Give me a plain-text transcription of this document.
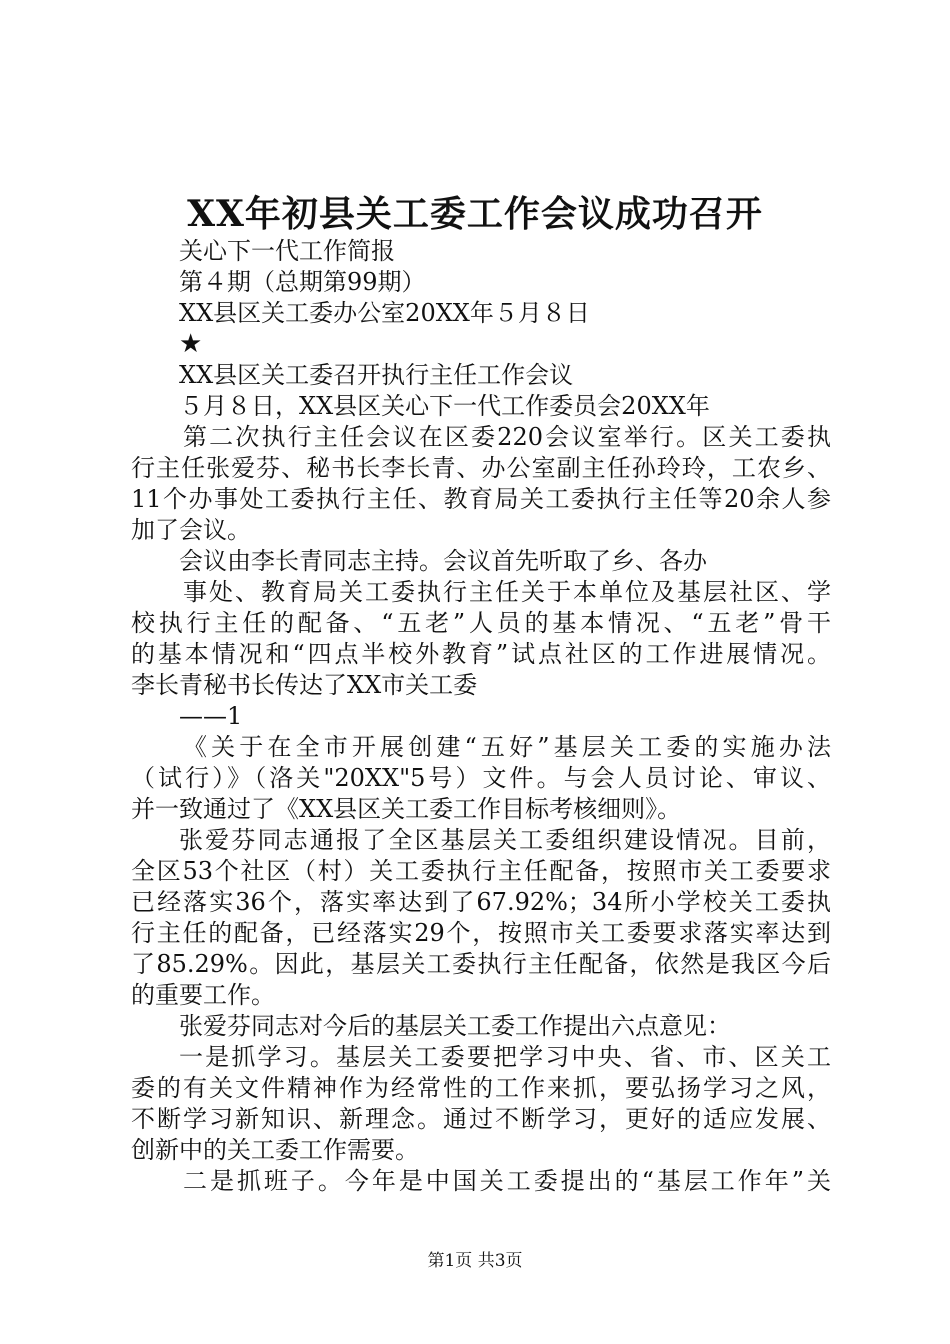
XX年初县关工委工作会议成功召开
关心下一代工作简报
第４期（总期第99期）
XX县区关工委办公室20XX年５月８日
★
XX县区关工委召开执行主任工作会议
５月８日，XX县区关心下一代工作委员会20XX年
第二次执行主任会议在区委220会议室举行。区关工委执
行主任张爱芬、秘书长李长青、办公室副主任孙玲玲，工农乡、
11个办事处工委执行主任、教育局关工委执行主任等20余人参
加了会议。
会议由李长青同志主持。会议首先听取了乡、各办
事处、教育局关工委执行主任关于本单位及基层社区、学
校执行主任的配备、“五老”人员的基本情况、“五老”骨干
的基本情况和“四点半校外教育”试点社区的工作进展情况。
李长青秘书长传达了XX市关工委
——1
《关于在全市开展创建“五好”基层关工委的实施办法
（试行）》（洛关"20XX"5号）文件。与会人员讨论、审议、
并一致通过了《XX县区关工委工作目标考核细则》。
张爱芬同志通报了全区基层关工委组织建设情况。目前，
全区53个社区（村）关工委执行主任配备，按照市关工委要求
已经落实36个，落实率达到了67.92%；34所小学校关工委执
行主任的配备，已经落实29个，按照市关工委要求落实率达到
了85.29%。因此，基层关工委执行主任配备，依然是我区今后
的重要工作。
张爱芬同志对今后的基层关工委工作提出六点意见：
一是抓学习。基层关工委要把学习中央、省、市、区关工
委的有关文件精神作为经常性的工作来抓，要弘扬学习之风，
不断学习新知识、新理念。通过不断学习，更好的适应发展、
创新中的关工委工作需要。
二是抓班子。今年是中国关工委提出的“基层工作年”关
第1页 共3页
